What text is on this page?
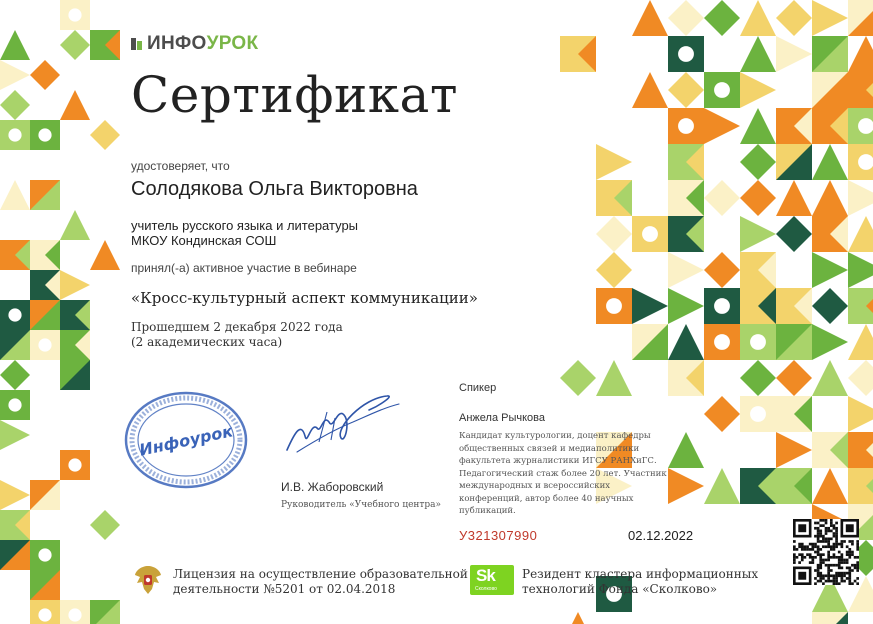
ИНФО УРОК
Сертификат
удостоверяет, что
Солодякова Ольга Викторовна
учитель русского языка и литературы
МКОУ Кондинская СОШ
принял(-а) активное участие в вебинаре
«Кросс-культурный аспект коммуникации»
Прошедшем 2 декабря 2022 года
(2 академических часа)
Инфоурок
И.В. Жаборовский
Руководитель «Учебного центра»
Спикер
Анжела Рычкова
Кандидат культурологии, доцент кафедры общественных связей и медиаполитики факультета журналистики ИГСУ РАНХиГС. Педагогический стаж более 20 лет. Участник международных и всероссийских конференций, автор более 40 научных публикаций.
У321307990	02.12.2022
Лицензия на осуществление образовательной
деятельности №5201 от 02.04.2018
Sk
Сколково
Резидент кластера информационных
технологий Фонда «Сколково»
